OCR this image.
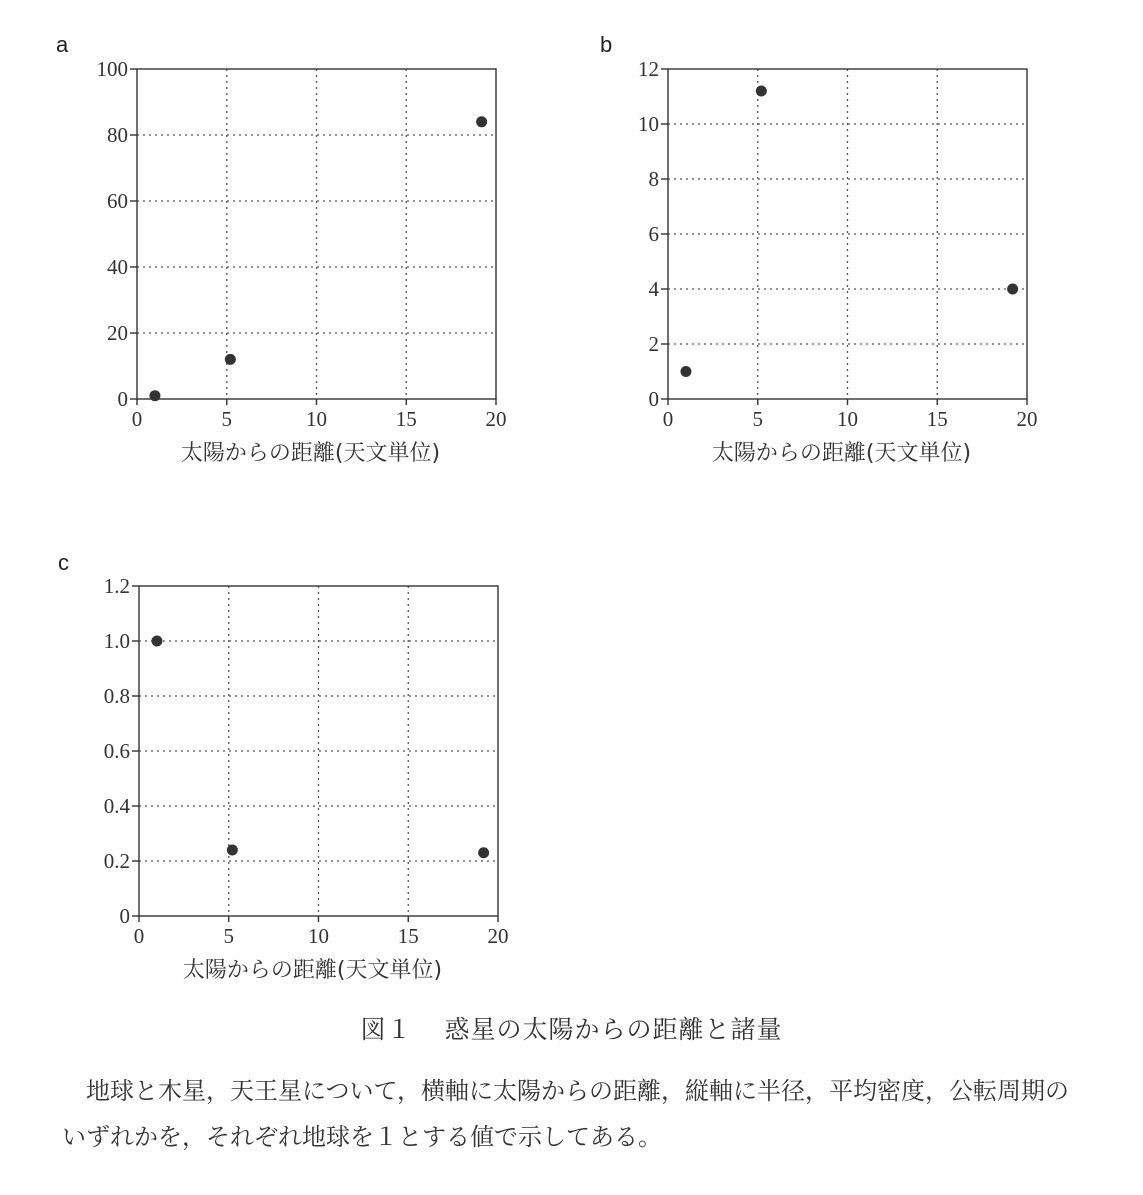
a
0
20
40
60
80
100
0	5	10	15	20
太陽からの距離(天文単位)
b
0
2
4
6
8
10
12
0	5	10	15	20
太陽からの距離(天文単位)
c
0
0.2
0.4
0.6
0.8
1.0
1.2
0	5	10	15	20
太陽からの距離(天文単位)
図１ 惑星の太陽からの距離と諸量
地球と木星，天王星について，横軸に太陽からの距離，縦軸に半径，平均密度，公転周期のいずれかを，それぞれ地球を１とする値で示してある。
